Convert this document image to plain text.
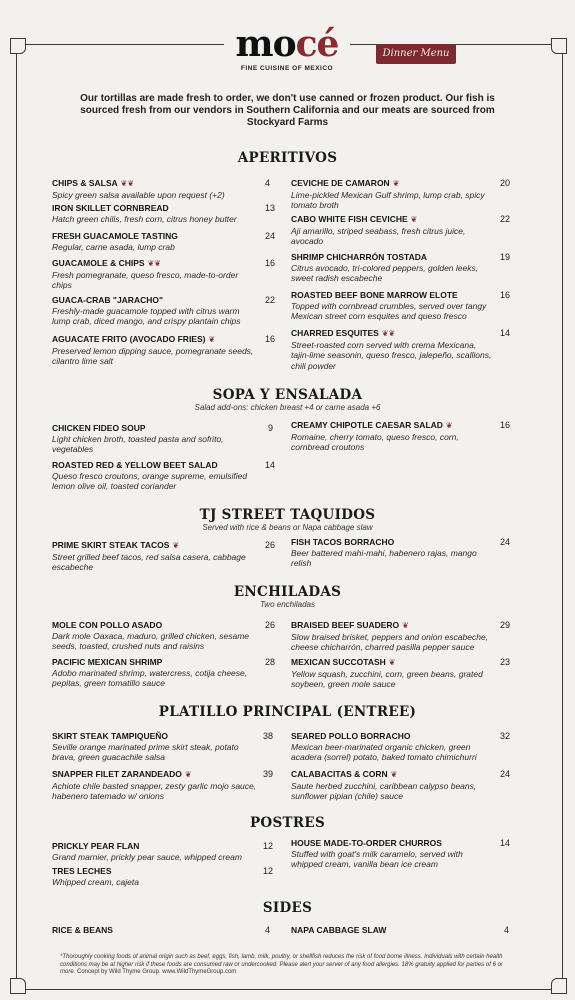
mocé
FINE CUISINE OF MEXICO
Dinner Menu
Our tortillas are made fresh to order, we don't use canned or frozen product. Our fish is sourced fresh from our vendors in Southern California and our meats are sourced from Stockyard Farms
APERITIVOS
CHIPS & SALSA ❦❦
Spicy green salsa available upon request (+2)
4
IRON SKILLET CORNBREAD
Hatch green chilis, fresh corn, citrus honey butter
13
FRESH GUACAMOLE TASTING
Regular, carne asada, lump crab
24
GUACAMOLE & CHIPS ❦❦
Fresh pomegranate, queso fresco, made-to-order chips
16
GUACA-CRAB "JARACHO"
Freshly-made guacamole topped with citrus warm lump crab, diced mango, and crispy plantain chips
22
AGUACATE FRITO (AVOCADO FRIES) ❦
Preserved lemon dipping sauce, pomegranate seeds, cilantro lime salt
16
CEVICHE DE CAMARON ❦
Lime-pickled Mexican Gulf shrimp, lump crab, spicy tomato broth
20
CABO WHITE FISH CEVICHE ❦
Aji amarillo, striped seabass, fresh citrus juice, avocado
22
SHRIMP CHICHARRÓN TOSTADA
Citrus avocado, tri-colored peppers, golden leeks, sweet radish escabeche
19
ROASTED BEEF BONE MARROW ELOTE
Topped with cornbread crumbles, served over tangy Mexican street corn esquites and queso fresco
16
CHARRED ESQUITES ❦❦
Street-roasted corn served with crema Mexicana, tajin-lime seasonin, queso fresco, jalepeño, scallions, chili powder
14
SOPA Y ENSALADA
Salad add-ons: chicken breast +4 or carne asada +6
CHICKEN FIDEO SOUP
Light chicken broth, toasted pasta and sofrito, vegetables
9
ROASTED RED & YELLOW BEET SALAD
Queso fresco croutons, orange supreme, emulsified lemon olive oil, toasted coriander
14
CREAMY CHIPOTLE CAESAR SALAD ❦
Romaine, cherry tomato, queso fresco, corn, cornbread croutons
16
TJ STREET TAQUIDOS
Served with rice & beans or Napa cabbage slaw
PRIME SKIRT STEAK TACOS ❦
Street grilled beef tacos, red salsa casera, cabbage escabeche
26 FISH TACOS BORRACHO
Beer battered mahi-mahi, habenero rajas, mango relish
24
ENCHILADAS
Two enchiladas
MOLE CON POLLO ASADO
Dark mole Oaxaca, maduro, grilled chicken, sesame seeds, toasted, crushed nuts and raisins
26
PACIFIC MEXICAN SHRIMP
Adobo marinated shrimp, watercress, cotija cheese, pepitas, green tomatillo sauce
28
BRAISED BEEF SUADERO ❦
Slow braised brisket, peppers and onion escabeche, cheese chicharrón, charred pasilla pepper sauce
29
MEXICAN SUCCOTASH ❦
Yellow squash, zucchini, corn, green beans, grated soybeen, green mole sauce
23
PLATILLO PRINCIPAL (ENTREE)
SKIRT STEAK TAMPIQUEÑO
Seville orange marinated prime skirt steak, potato brava, green guacachile salsa
38
SNAPPER FILET ZARANDEADO ❦
Achiote chile basted snapper, zesty garlic mojo sauce, habenero tatemado w/ onions
39
SEARED POLLO BORRACHO
Mexican beer-marinated organic chicken, green acadera (sorrel) potato, baked tomato chimichurri
32
CALABACITAS & CORN ❦
Saute herbed zucchini, caribbean calypso beans, sunflower pipian (chile) sauce
24
POSTRES
PRICKLY PEAR FLAN
Grand marnier, prickly pear sauce, whipped cream
12
TRES LECHES
Whipped cream, cajeta
12
HOUSE MADE-TO-ORDER CHURROS
Stuffed with goat's milk caramelo, served with whipped cream, vanilla bean ice cream
14
SIDES
RICE & BEANS	4 NAPA CABBAGE SLAW	4
*Thoroughly cooking foods of animal origin such as beef, eggs, fish, lamb, milk, poultry, or shellfish reduces the risk of food borne illness. Individuals with certain health conditions may be at higher risk if these foods are consumed raw or undercooked. Please alert your server of any food allergies. 18% gratuity applied for parties of 6 or more. Concept by Wild Thyme Group. www.WildThymeGroup.com
